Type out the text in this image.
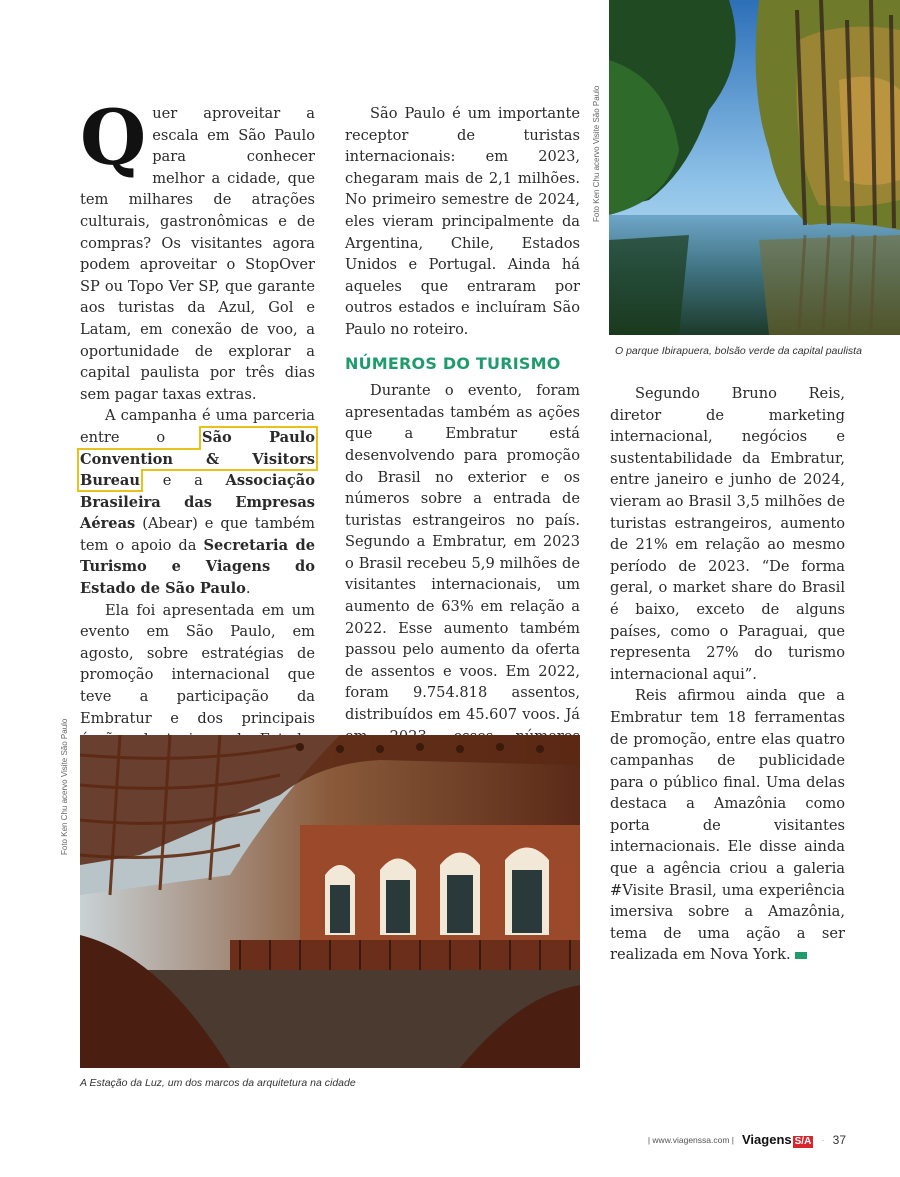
Foto Ken Chu acervo Visite São Paulo
O parque Ibirapuera, bolsão verde da capital paulista

Quer aproveitar a escala em São Paulo para conhecer melhor a cidade, que tem milhares de atrações culturais, gastronômicas e de compras? Os visitantes agora podem aproveitar o StopOver SP ou Topo Ver SP, que garante aos turistas da Azul, Gol e Latam, em conexão de voo, a oportunidade de explorar a capital paulista por três dias sem pagar taxas extras.

A campanha é uma parceria entre o São Paulo Convention & Visitors Bureau e a Associação Brasileira das Empresas Aéreas (Abear) e que também tem o apoio da Secretaria de Turismo e Viagens do Estado de São Paulo.

Ela foi apresentada em um evento em São Paulo, em agosto, sobre estratégias de promoção internacional que teve a participação da Embratur e dos principais

São Paulo é um importante receptor de turistas internacionais: em 2023, chegaram mais de 2,1 milhões. No primeiro semestre de 2024, eles vieram principalmente da Argentina, Chile, Estados Unidos e Portugal. Ainda há aqueles que entraram por outros estados e incluíram São Paulo no roteiro.

NÚMEROS DO TURISMO

Durante o evento, foram apresentadas também as ações que a Embratur está desenvolvendo para promoção do Brasil no exterior e os números sobre a entrada de turistas estrangeiros no país. Segundo a Embratur, em 2023 o Brasil recebeu 5,9 milhões de visitantes internacionais, um aumento de 63% em relação a 2022. Esse aumento também passou pelo aumento da oferta de assentos e voos. Em 2022, foram 9.754.818 assentos, distribuídos em 45.607 voos. Já

Segundo Bruno Reis, diretor de marketing internacional, negócios e sustentabilidade da Embratur, entre janeiro e junho de 2024, vieram ao Brasil 3,5 milhões de turistas estrangeiros, aumento de 21% em relação ao mesmo período de 2023. “De forma geral, o market share do Brasil é baixo, exceto de alguns países, como o Paraguai, que representa 27% do turismo internacional aqui”.

Reis afirmou ainda que a Embratur tem 18 ferramentas de promoção, entre elas quatro campanhas de publicidade para o público final. Uma delas destaca a Amazônia como porta de visitantes internacionais. Ele disse ainda que a agência criou a galeria #Visite Brasil, uma experiência imersiva sobre a Amazônia, tema de uma ação a ser realizada em Nova York.

Foto Ken Chu acervo Visite São Paulo
A Estação da Luz, um dos marcos da arquitetura na cidade
| www.viagenssa.com | Viagens S/A · 37
